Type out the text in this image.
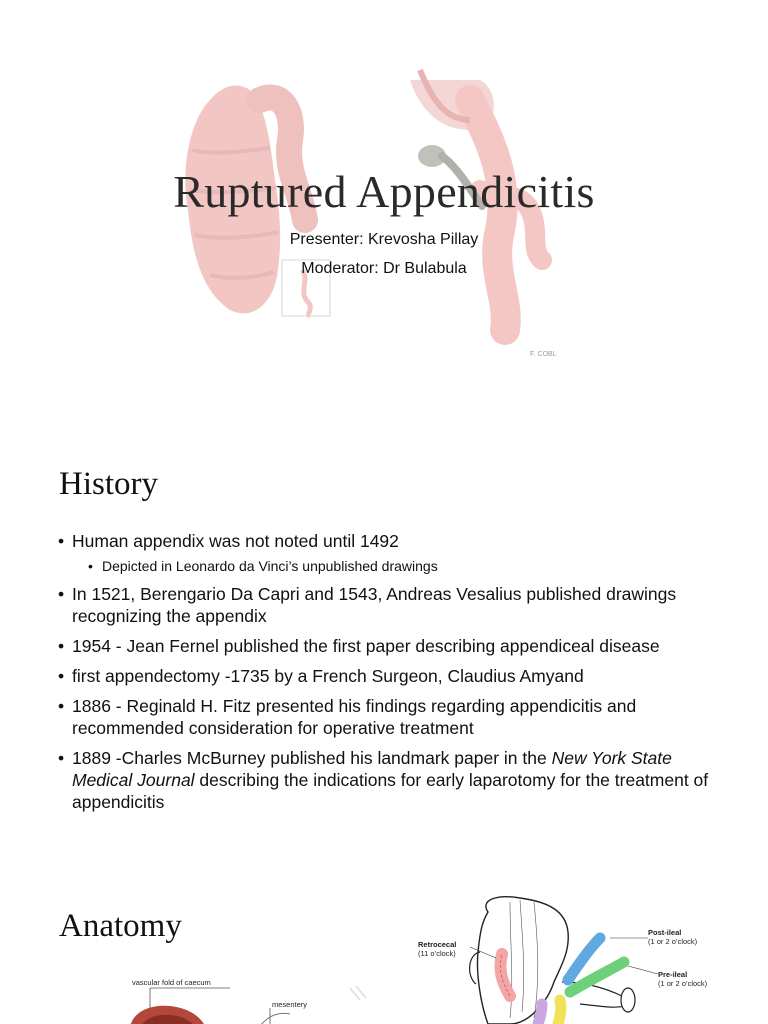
F. COBL
Ruptured Appendicitis
Presenter: Krevosha Pillay
Moderator: Dr Bulabula
History
• Human appendix was not noted until 1492
• Depicted in Leonardo da Vinci’s unpublished drawings
• In 1521, Berengario Da Capri and 1543, Andreas Vesalius published drawings recognizing the appendix
• 1954 - Jean Fernel published the first paper describing appendiceal disease
• first appendectomy -1735 by a French Surgeon, Claudius Amyand
• 1886 - Reginald H. Fitz presented his findings regarding appendicitis and recommended consideration for operative treatment
• 1889 -Charles McBurney published his landmark paper in the New York State Medical Journal describing the indications for early laparotomy for the treatment of appendicitis
Anatomy
vascular fold of caecum
mesentery
Retrocecal
(11 o’clock)
Post-ileal
(1 or 2 o’clock)
Pre-ileal
(1 or 2 o’clock)
